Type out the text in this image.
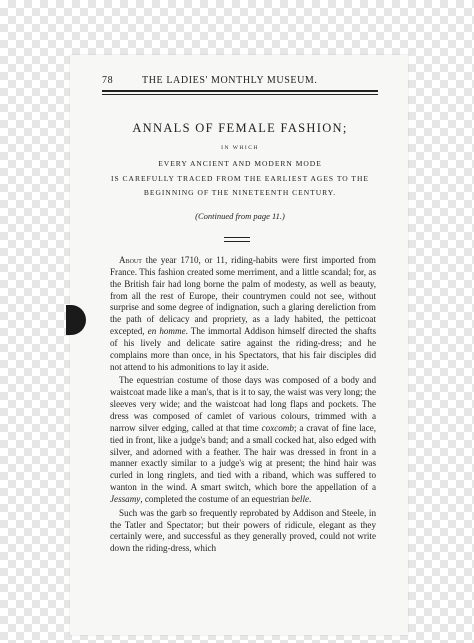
78	THE LADIES' MONTHLY MUSEUM.
ANNALS OF FEMALE FASHION;
IN WHICH
EVERY ANCIENT AND MODERN MODE
IS CAREFULLY TRACED FROM THE EARLIEST AGES TO THE
BEGINNING OF THE NINETEENTH CENTURY.
(Continued from page 11.)

About the year 1710, or 11, riding-habits were first imported from France. This fashion created some merriment, and a little scandal; for, as the British fair had long borne the palm of modesty, as well as beauty, from all the rest of Europe, their countrymen could not see, without surprise and some degree of indignation, such a glaring dereliction from the path of delicacy and propriety, as a lady habited, the petticoat excepted, en homme. The immortal Addison himself directed the shafts of his lively and delicate satire against the riding-dress; and he complains more than once, in his Spectators, that his fair disciples did not attend to his admonitions to lay it aside.

The equestrian costume of those days was composed of a body and waistcoat made like a man's, that is it to say, the waist was very long; the sleeves very wide; and the waistcoat had long flaps and pockets. The dress was composed of camlet of various colours, trimmed with a narrow silver edging, called at that time coxcomb; a cravat of fine lace, tied in front, like a judge's band; and a small cocked hat, also edged with silver, and adorned with a feather. The hair was dressed in front in a manner exactly similar to a judge's wig at present; the hind hair was curled in long ringlets, and tied with a riband, which was suffered to wanton in the wind. A smart switch, which bore the appellation of a Jessamy, completed the costume of an equestrian belle.

Such was the garb so frequently reprobated by Addison and Steele, in the Tatler and Spectator; but their powers of ridicule, elegant as they certainly were, and successful as they generally proved, could not write down the riding-dress, which
